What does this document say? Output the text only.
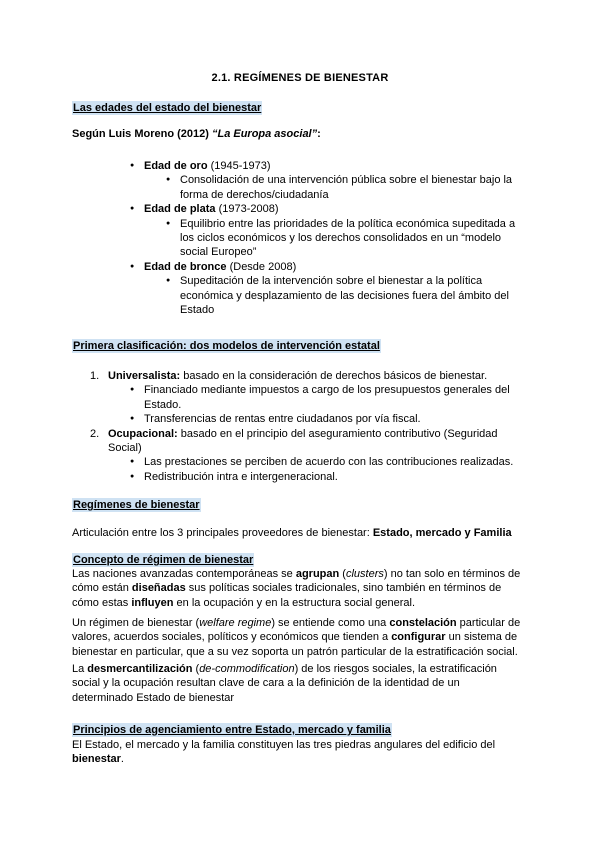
2.1. REGÍMENES DE BIENESTAR
Las edades del estado del bienestar
Según Luis Moreno (2012) “La Europa asocial”:
● Edad de oro (1945-1973)
● Consolidación de una intervención pública sobre el bienestar bajo la
forma de derechos/ciudadanía
● Edad de plata (1973-2008)
● Equilibrio entre las prioridades de la política económica supeditada a
los ciclos económicos y los derechos consolidados en un “modelo
social Europeo”
● Edad de bronce (Desde 2008)
● Supeditación de la intervención sobre el bienestar a la política
económica y desplazamiento de las decisiones fuera del ámbito del
Estado
Primera clasificación: dos modelos de intervención estatal
1. Universalista: basado en la consideración de derechos básicos de bienestar.
● Financiado mediante impuestos a cargo de los presupuestos generales del
Estado.
● Transferencias de rentas entre ciudadanos por vía fiscal.
2. Ocupacional: basado en el principio del aseguramiento contributivo (Seguridad
Social)
● Las prestaciones se perciben de acuerdo con las contribuciones realizadas.
● Redistribución intra e intergeneracional.
Regímenes de bienestar
Articulación entre los 3 principales proveedores de bienestar: Estado, mercado y Familia
Concepto de régimen de bienestar
Las naciones avanzadas contemporáneas se agrupan (clusters) no tan solo en términos de
cómo están diseñadas sus políticas sociales tradicionales, sino también en términos de
cómo estas influyen en la ocupación y en la estructura social general.
Un régimen de bienestar (welfare regime) se entiende como una constelación particular de
valores, acuerdos sociales, políticos y económicos que tienden a configurar un sistema de
bienestar en particular, que a su vez soporta un patrón particular de la estratificación social.
La desmercantilización (de-commodification) de los riesgos sociales, la estratificación
social y la ocupación resultan clave de cara a la definición de la identidad de un
determinado Estado de bienestar
Principios de agenciamiento entre Estado, mercado y familia
El Estado, el mercado y la familia constituyen las tres piedras angulares del edificio del
bienestar.
